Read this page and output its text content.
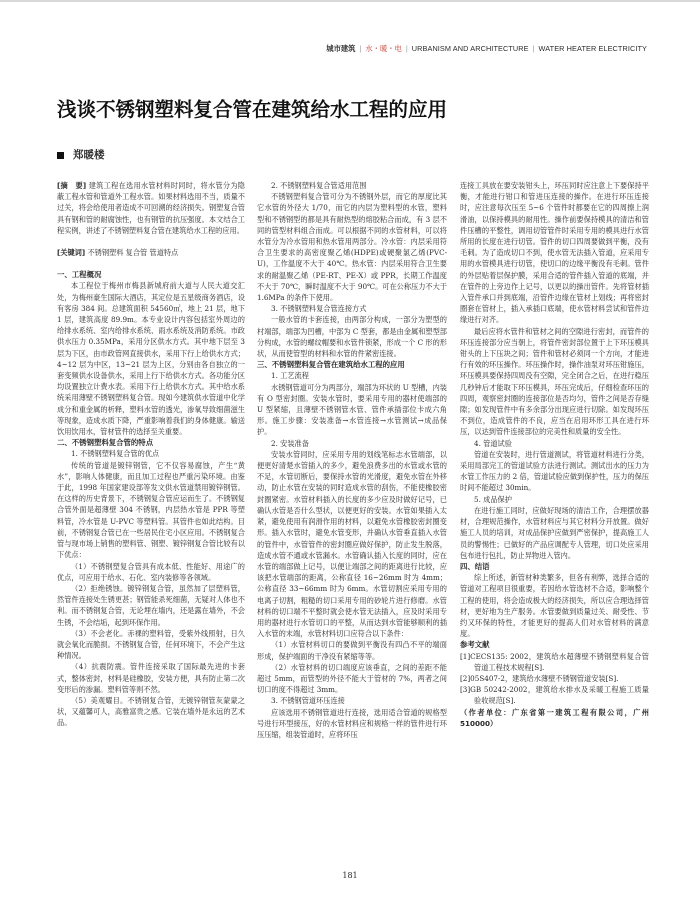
城市建筑 | 水・暖・电 | URBANISM AND ARCHITECTURE | WATER HEATER ELECTRICITY
浅谈不锈钢塑料复合管在建筑给水工程的应用
郑暖楼

[摘　要] 建筑工程在选用水管材料时同时，将水管分为隐蔽工程水管和管道外工程水管。如果材料选用不当，质量不过关，将会给使用者造成不可回溯的经济损失。钢塑复合管具有钢和管的耐腐蚀性，也有钢管的抗压强度。本文结合工程实例，讲述了不锈钢塑料复合管在建筑给水工程的应用。

[关键词] 不锈钢塑料 复合管 管道特点

一、工程概况

本工程位于梅州市梅县新城府前大道与人民大道交汇处，为梅州豪生国际大酒店，其定位是五星级商务酒店，设有客房 384 间。总建筑面积 54560㎡，地上 21 层，地下 1 层，建筑高度 89.9m。本专业设计内容包括室外周边的给排水系统、室内给排水系统、雨水系统及消防系统。市政供水压力 0.35MPa，采用分区供水方式。其中地下层至 3 层为下区，由市政管网直接供水，采用下行上给供水方式；4~12 层为中区，13~21 层为上区，分别由各自独立的一套变频供水设备供水，采用上行下给供水方式。各功能分区均设置独立计费水表。采用下行上给供水方式。其中给水系统采用薄壁不锈钢塑料复合管。现如今建筑供水管道中化学成分和重金属的析释，塑料水管的透光，渗氧导致细菌滋生等现象，造成水质下降，严重影响着我们的身体健康。输送饮用饮用水，管材管件的选择至关重要。

二、不锈钢塑料复合管的特点

1. 不锈钢塑料复合管的优点

传统的管道是镀锌钢管，它不仅容易腐蚀，产生“黄水”，影响人体健康，而且加工过程也严重污染环境。由鉴于此，1998 年国家建设部等发文供水管道禁用镀锌钢管。在这样的历史背景下，不锈钢复合管应运而生了。不锈钢复合管外面是超薄壁 304 不锈钢，内层热水管是 PPR 等塑料管，冷水管是 U-PVC 等塑料管。其管件也如此结构。目前，不锈钢复合管已在一些居民住宅小区应用。不锈钢复合管与现市场上销售的塑料管、钢塑、镀锌钢复合管比较有以下优点：

（1）不锈钢塑复合管具有成本低、性能好、用途广的优点，可应用于给水、石化、室内装修等各领域。

（2）拒绝锈蚀。镀锌钢复合管，虽然加了层塑料管，然管件连接处生锈更甚；钢管能杀死细菌，无疑对人体也不利。而不锈钢复合管，无论埋在墙内，还是露在墙外，不会生锈，不会结垢，起到环保作用。

（3）不会老化。赤裸的塑料管，受紫外线照射，日久就会氧化而脆损。不锈钢复合管，任何环境下，不会产生这种情况。

（4）抗震防震。管件连接采取了国际最先进的卡套式，整体密封，材料是硅橡胶，安装方便，具有防止第二次变形后的渗漏。塑料管等则不然。

（5）美观耀目。不锈钢复合管，无镀锌钢管灰蒙蒙之状，又蕴馨可人，高雅富贵之感。它装在墙外是永远的艺术品。

2. 不锈钢塑料复合管适用范围

不锈钢塑料复合管可分为不锈钢外层，而它的厚度比其它水管的外径大 1/70，而它的内层为塑料型的水管，塑料型和不锈钢型的都是具有耐热型的熔胶粘合而成，有 3 层不同的管型材料组合而成。可以根据不同的水管材料，可以将水管分为冷水管用和热水管用两部分。冷水管：内层采用符合卫生要求的高密度聚乙烯(HDPE)或硬聚氯乙烯(PVC-U)，工作温度不大于 40℃。热水管：内层采用符合卫生要求的耐温聚乙烯（PE-RT、PE-X）或 PPR，长期工作温度不大于 70℃，瞬时温度不大于 90℃。可在公称压力不大于 1.6MPa 的条件下使用。

3. 不锈钢塑料复合管连接方式

一般水管的卡套连接，由两部分构成，一部分为塑型的村端部，端部为凹槽，中部为 C 型套，都是由金属和塑型部分构成，水管的螺纹帽要和水管件锁紧，形成一个 C 形的形状，从而使管型的材料和水管的件紧密连接。

三、不锈钢塑料复合管在建筑给水工程的应用

1. 工艺流程

水锈钢管道可分为两部分，端部为环状的 U 型槽，内装有 O 型密封圈。安装水管时，要采用专用的器材使端部的 U 型紧缩，且薄壁不锈钢管水管、管件承插部位卡成六角形。施工步骤：安装准备→水管连接→水管测试→成品保护。

2. 安装准备

安装水管同时，应采用专用的划线笔标志水管端部，以便更好清楚水管插入的多少，避免浪费多出的水管或水管的不足，水管切断后，要保持水管的光滑度，避免水管在外移动，防止水管在安装的同时造成水管的刮伤，不能使橡胶密封圈紧密。水管材料插入的长度的多少应及时做好记号，已确认水管是否什么型状，以便更好的安装。水管如果插入太紧，避免使用有润滑作用的材料，以避免水管橡胶密封圈变形。插入水管时，避免水管变形，并确认水管垂直插入水管的管件中，水管管件的密封圈应做好保护，防止发生脱落，造成水管不通或水管漏水。水管确认插入长度的同时，应在水管的端部做上记号，以便让端部之间的距离进行比较，应该把水管端部的距离，公称直径 16~26mm 时为 4mm；公称直径 33~66mm 时为 6mm。水管切割应采用专用的电离子切割，粗糙的切口采用专用的砂轮片进行修磨。水管材料的切口端不平整时就会使水管无法插入，应及时采用专用的器材进行水管切口的平整，从而达到水管能够顺利的插入水管的末端，水管材料切口应符合以下条件：

（1）水管材料切口的要做到平衡没有四凸不平的端面形成，保护端面的干净没有紧缩等等。

（2）水管材料的切口端度应该垂直，之间的差距不能超过 5mm，而管型的外径不能大于管材的 7%，两者之间切口的度不得超过 3mm。

3. 不锈钢管道环压连接

应该选用不锈钢管道进行连接，选用适合管道的规格型号进行环型接压，好的水管材料应和规格一样的管件进行环压压缩，组装管道时，应将环压

连接工具放在要安装钳头上，环压同时应注意上下要保持平衡，才能进行钳口和管进压连接的操作。在进行环压连接时，应注意每次压至 5~6 个管件时都要在它的四周擦上润滑油，以保持模具的耐用性。操作前要保持模具的清洁和管件压槽的平整性，调用切管管件时采用专用的模具进行水管所用的长度在进行切管。管件的切口四周要做到平衡，没有毛刺。为了造成切口不到，使水管无法插入管道，应采用专用的水管模具进行切管，使切口的边缘平衡没有毛刺。管件的外层贴着层保护膜，采用合适的管件插入管道的底端，并在管件的上旁边作上记号，以更以的操出管件。先将管材插入管件承口并到底端，沿管件边缘在管材上划线；再将密封圈套在管材上，插入承插口底端，使水管材料尝试和管件边缘进行对齐。

最后应将水管件和管材之间的空隙进行密封，而管件的环压连接部分应当朝上，将管件密封部位置于上下环压模具钳头的上下压块之间；管件和管材必须同一个方向，才能进行有效的环压操作。环压操作时，操作油泵对环压钳施压，环压模具要保持四周没有空隙，完全闭合之后，在进行稳压几秒钟后才能取下环压模具，环压完成后，仔细检查环压的四周，观察密封圈的连接部位是否均匀，管件之间是否存缝隙；如发现管件中有多余部分出现应进行切除。如发现环压不到位，造成管件的不良，应当在启用环形工具在进行环压，以达到管件连接部位的完美性和质量的安全性。

4. 管道试验

管道在安装时，进行管道测试，将管道材料进行分类，采用局部完工的管道试验方法进行测试。测试出水的压力为水管工作压力的 2 倍，管道试验应做到保护性，压力的保压时间不能超过 30min。

5. 成品保护

在进行施工同时，应做好现场的清洁工作，合理摆放器材，合理规范操作，水管材料应与其它材料分开放置。做好施工人员的培训，对成品保护应做到严密保护，提高施工人员的警惕性；已做好的产品应调配专人管理，切口处应采用包布进行包扎，防止异物进入管内。

四、结语

综上所述，新管材种类繁多，但各有利弊，选择合适的管道对工程项目很重要，若因给水管选材不合适，影响整个工程的使用，将会造成极大的经济损失，所以应合理选择管材，更好地为生产服务。水管要做到质量过关、耐受性、节约又环保的特性，才能更好的提高人们对水管材料的满意度。

参考文献

[1]CECS135: 2002，建筑给水超薄壁不锈钢塑料复合管管道工程技术规程[S].

[2]05S407-2，建筑给水薄壁不锈钢管道安装[S].

[3]GB 50242-2002，建筑给水排水及采暖工程施工质量验收规范[S].

（作者单位：广东省第一建筑工程有限公司，广州 510000）

181
